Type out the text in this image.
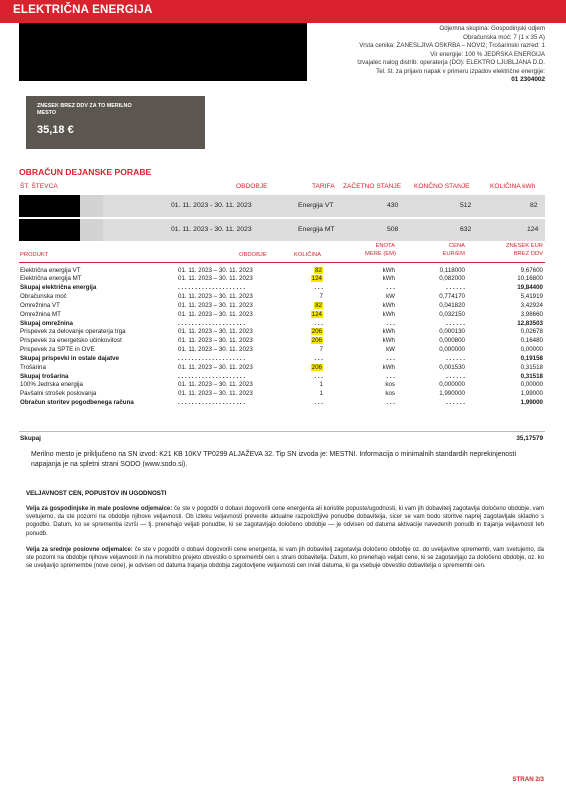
ELEKTRIČNA ENERGIJA
Odjemna skupina: Gospodinjski odjem
Obračunska moč: 7 (1 x 35 A)
Vrsta cenika: ZANESLJIVA OSKRBA – NOVI2; Trošarinski razred: 1
Vir energije: 100 % JEDRSKA ENERGIJA
Izvajalec nalog distrib. operaterja (DO): ELEKTRO LJUBLJANA D.D.
Tel. št. za prijavo napak v primeru izpadov električne energije:
01 2304002
ZNESEK BREZ DDV ZA TO MERILNO MESTO
35,18 €
OBRAČUN DEJANSKE PORABE
ŠT. ŠTEVCA	OBDOBJE	TARIFA ZAČETNO STANJE KONČNO STANJE	KOLIČINA kWh
01. 11. 2023 - 30. 11. 2023	Energija VT	430	512	82
01. 11. 2023 - 30. 11. 2023	Energija MT	508	632	124
PRODUKT	OBDOBJE	KOLIČINA
ENOTA
MERE (EM)
CENA
EUR/EM
ZNESEK EUR
BREZ DDV
Električna energija VT	01. 11. 2023 – 30. 11. 2023	82	kWh	0,118000	9,67600
Električna energija MT	01. 11. 2023 – 30. 11. 2023	124	kWh	0,082000	10,16800
Skupaj električna energija	. . . . . . . . . . . . . . . . . . . .	. . .	. . .	. . . . . .	19,84400
Obračunska moč	01. 11. 2023 – 30. 11. 2023	7	kW	0,774170	5,41919
Omrežnina VT	01. 11. 2023 – 30. 11. 2023	82	kWh	0,041820	3,42924
Omrežnina MT	01. 11. 2023 – 30. 11. 2023	124	kWh	0,032150	3,98660
Skupaj omrežnina	. . . . . . . . . . . . . . . . . . . .	. . .	. . .	. . . . . .	12,83503
Prispevek za delovanje operaterja trga	01. 11. 2023 – 30. 11. 2023	206	kWh	0,000130	0,02678
Prispevek za energetsko učinkovitost	01. 11. 2023 – 30. 11. 2023	206	kWh	0,000800	0,16480
Prispevek za SPTE in OVE	01. 11. 2023 – 30. 11. 2023	7	kW	0,000000	0,00000
Skupaj prispevki in ostale dajatve	. . . . . . . . . . . . . . . . . . . .	. . .	. . .	. . . . . .	0,19158
Trošarina	01. 11. 2023 – 30. 11. 2023	206	kWh	0,001530	0,31518
Skupaj trošarina	. . . . . . . . . . . . . . . . . . . .	. . .	. . .	. . . . . .	0,31518
100% Jedrska energija	01. 11. 2023 – 30. 11. 2023	1	kos	0,000000	0,00000
Pavšalni strošek poslovanja	01. 11. 2023 – 30. 11. 2023	1	kos	1,990000	1,99000
Obračun storitev pogodbenega računa	. . . . . . . . . . . . . . . . . . . .	. . .	. . .	. . . . . .	1,99000
Skupaj	35,17579
Merilno mesto je priključeno na SN izvod: K21 KB 10KV TP0299 ALJAŽEVA 32. Tip SN izvoda je: MESTNI. Informacija o minimalnih standardih neprekinjenosti napajanja je na spletni strani SODO (www.sodo.si).
VELJAVNOST CEN, POPUSTOV IN UGODNOSTI
Velja za gospodinjske in male poslovne odjemalce: če ste v pogodbi o dobavi dogovorili cene energenta ali koristite popuste/ugodnosti, ki vam jih dobavitelj zagotavlja določeno obdobje, vam svetujemo, da ste pozorni na obdobje njihove veljavnosti. Ob izteku veljavnosti preverite aktualne razpoložljive ponudbe dobavitelja, sicer se vam bodo storitve naprej zagotavljale skladno s pogodbo. Datum, ko se spremenba izvrši — tj. prenehajo veljati ponudbe, ki se zagotavljajo določeno obdobje — je odvisen od datuma aktivacije navedenih ponudb in trajanja veljavnosti teh ponudb.
Velja za srednje poslovne odjemalce: če ste v pogodbi o dobavi dogovorili cene energenta, ki vam jih dobavitelj zagotavlja določeno obdobje oz. do uveljavitve sprememb, vam svetujemo, da ste pozorni na obdobje njihove veljavnosti in na morebitno prejeto obvestilo o spremembi cen s strani dobavitelja. Datum, ko prenehajo veljati cene, ki se zagotavljajo za določeno obdobje, oz. ko se uveljavijo spremembe (nove cene), je odvisen od datuma trajanja obdobja zagotovljene veljavnosti cen in/ali datuma, ki ga vsebuje obvestilo dobavitelja o spremembi cen.
STRAN 2/3
